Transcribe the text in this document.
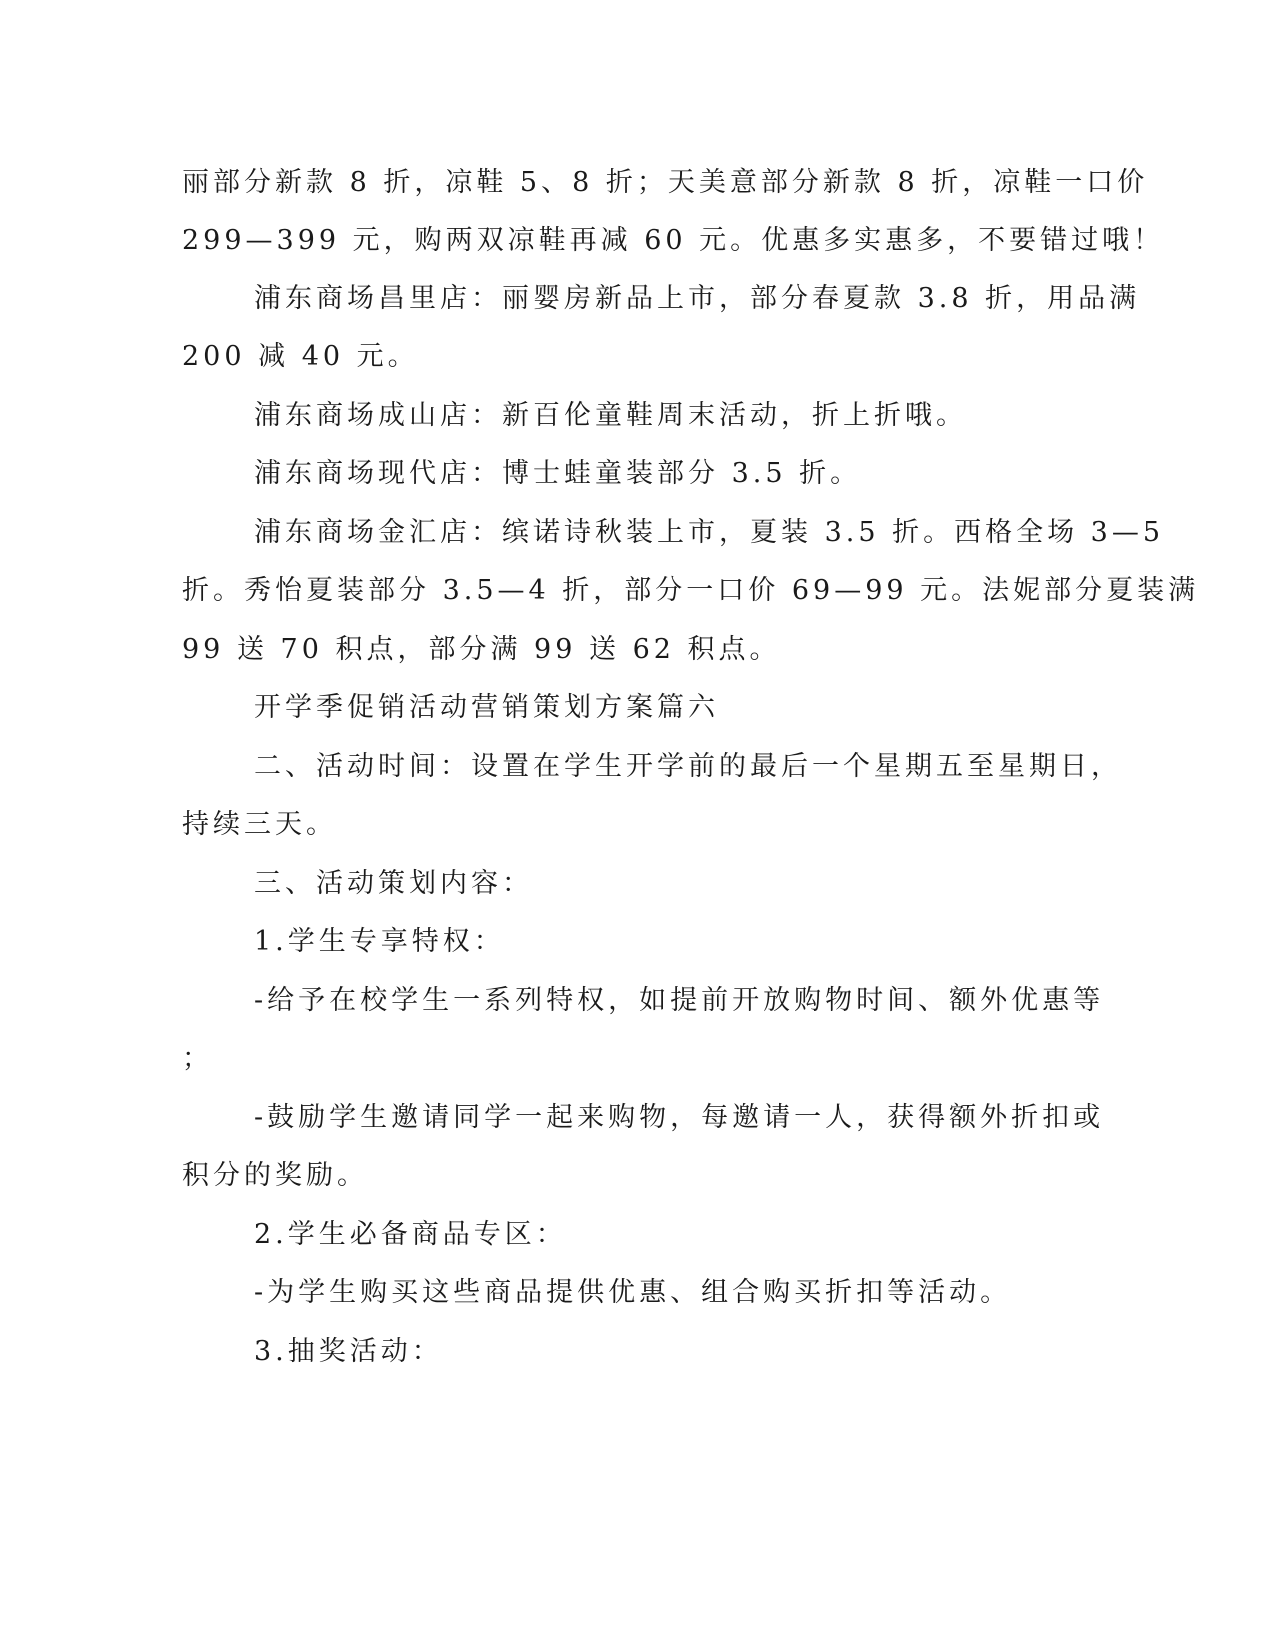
丽部分新款 8 折，凉鞋 5、8 折；天美意部分新款 8 折，凉鞋一口价
299—399 元，购两双凉鞋再减 60 元。优惠多实惠多，不要错过哦！
浦东商场昌里店：丽婴房新品上市，部分春夏款 3.8 折，用品满
200 减 40 元。
浦东商场成山店：新百伦童鞋周末活动，折上折哦。
浦东商场现代店：博士蛙童装部分 3.5 折。
浦东商场金汇店：缤诺诗秋装上市，夏装 3.5 折。西格全场 3—5
折。秀怡夏装部分 3.5—4 折，部分一口价 69—99 元。法妮部分夏装满
99 送 70 积点，部分满 99 送 62 积点。
开学季促销活动营销策划方案篇六
二、活动时间：设置在学生开学前的最后一个星期五至星期日，
持续三天。
三、活动策划内容：
1.学生专享特权：
-给予在校学生一系列特权，如提前开放购物时间、额外优惠等
；
-鼓励学生邀请同学一起来购物，每邀请一人，获得额外折扣或
积分的奖励。
2.学生必备商品专区：
-为学生购买这些商品提供优惠、组合购买折扣等活动。
3.抽奖活动：
